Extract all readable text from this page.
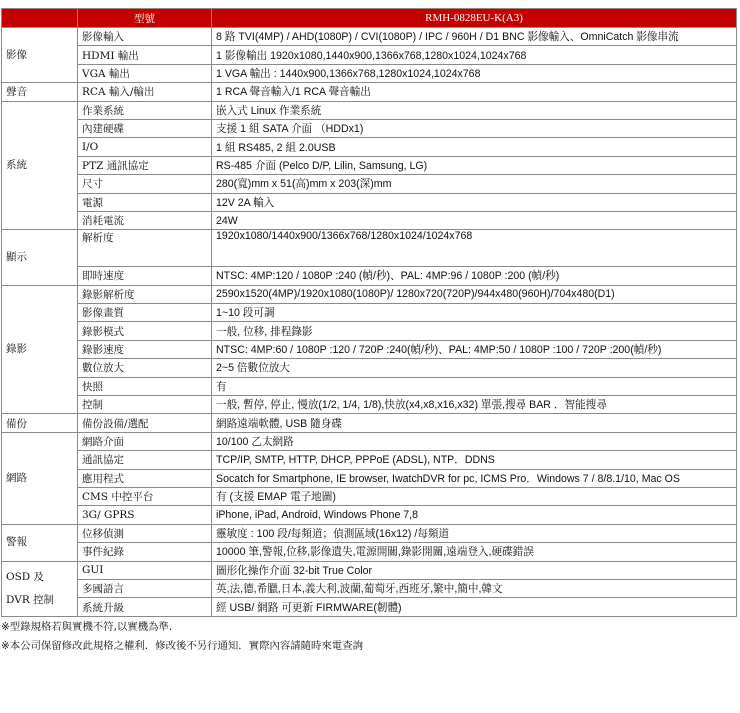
	型號	RMH-0828EU-K(A3)
影像	影像輸入	8 路 TVI(4MP) / AHD(1080P) / CVI(1080P) / IPC / 960H / D1 BNC 影像輸入、OmniCatch 影像串流
	HDMI 輸出	1 影像輸出 1920x1080,1440x900,1366x768,1280x1024,1024x768
	VGA 輸出	1 VGA 輸出 : 1440x900,1366x768,1280x1024,1024x768
聲音	RCA 輸入/輸出	1 RCA 聲音輸入/1 RCA 聲音輸出
系統	作業系統	嵌入式 Linux 作業系統
	內建硬碟	支援 1 組 SATA 介面 （HDDx1)
	I/O	1 組 RS485, 2 組 2.0USB
	PTZ 通訊協定	RS-485 介面 (Pelco D/P, Lilin, Samsung, LG)
	尺寸	280(寬)mm x 51(高)mm x 203(深)mm
	電源	12V 2A 輸入
	消耗電流	24W
顯示	解析度	1920x1080/1440x900/1366x768/1280x1024/1024x768
	即時速度	NTSC: 4MP:120 / 1080P :240 (幀/秒)、PAL: 4MP:96 / 1080P :200 (幀/秒)
錄影	錄影解析度	2590x1520(4MP)/1920x1080(1080P)/ 1280x720(720P)/944x480(960H)/704x480(D1)
	影像畫質	1~10 段可調
	錄影模式	一般, 位移, 排程錄影
	錄影速度	NTSC: 4MP:60 / 1080P :120 / 720P :240(幀/秒)、PAL: 4MP:50 / 1080P :100 / 720P :200(幀/秒)
	數位放大	2~5 倍數位放大
	快照	有
	控制	一般, 暫停, 停止, 慢放(1/2, 1/4, 1/8),快放(x4,x8,x16,x32) 單張,搜尋 BAR ．智能搜尋
備份	備份設備/選配	網路遠端軟體, USB 隨身碟
網路	網路介面	10/100 乙太網路
	通訊協定	TCP/IP, SMTP, HTTP, DHCP, PPPoE (ADSL), NTP．DDNS
	應用程式	Socatch for Smartphone, IE browser, IwatchDVR for pc, ICMS Pro．Windows 7 / 8/8.1/10, Mac OS
	CMS 中控平台	有 (支援 EMAP 電子地圖)
	3G/ GPRS	iPhone, iPad, Android, Windows Phone 7,8
警報	位移偵測	靈敏度 : 100 段/每頻道；偵測區域(16x12) /每頻道
	事件紀錄	10000 筆,警報,位移,影像遺失,電源開關,錄影開關,遠端登入,硬碟錯誤
OSD 及
DVR 控制	GUI	圖形化操作介面 32-bit True Color
	多國語言	英,法,德,希臘,日本,義大利,波蘭,葡萄牙,西班牙,繁中,簡中,韓文
	系統升級	經 USB/ 網路 可更新 FIRMWARE(韌體)

※型錄規格若與實機不符,以實機為準.

※本公司保留修改此規格之權利．修改後不另行通知．實際內容請隨時來電查詢
